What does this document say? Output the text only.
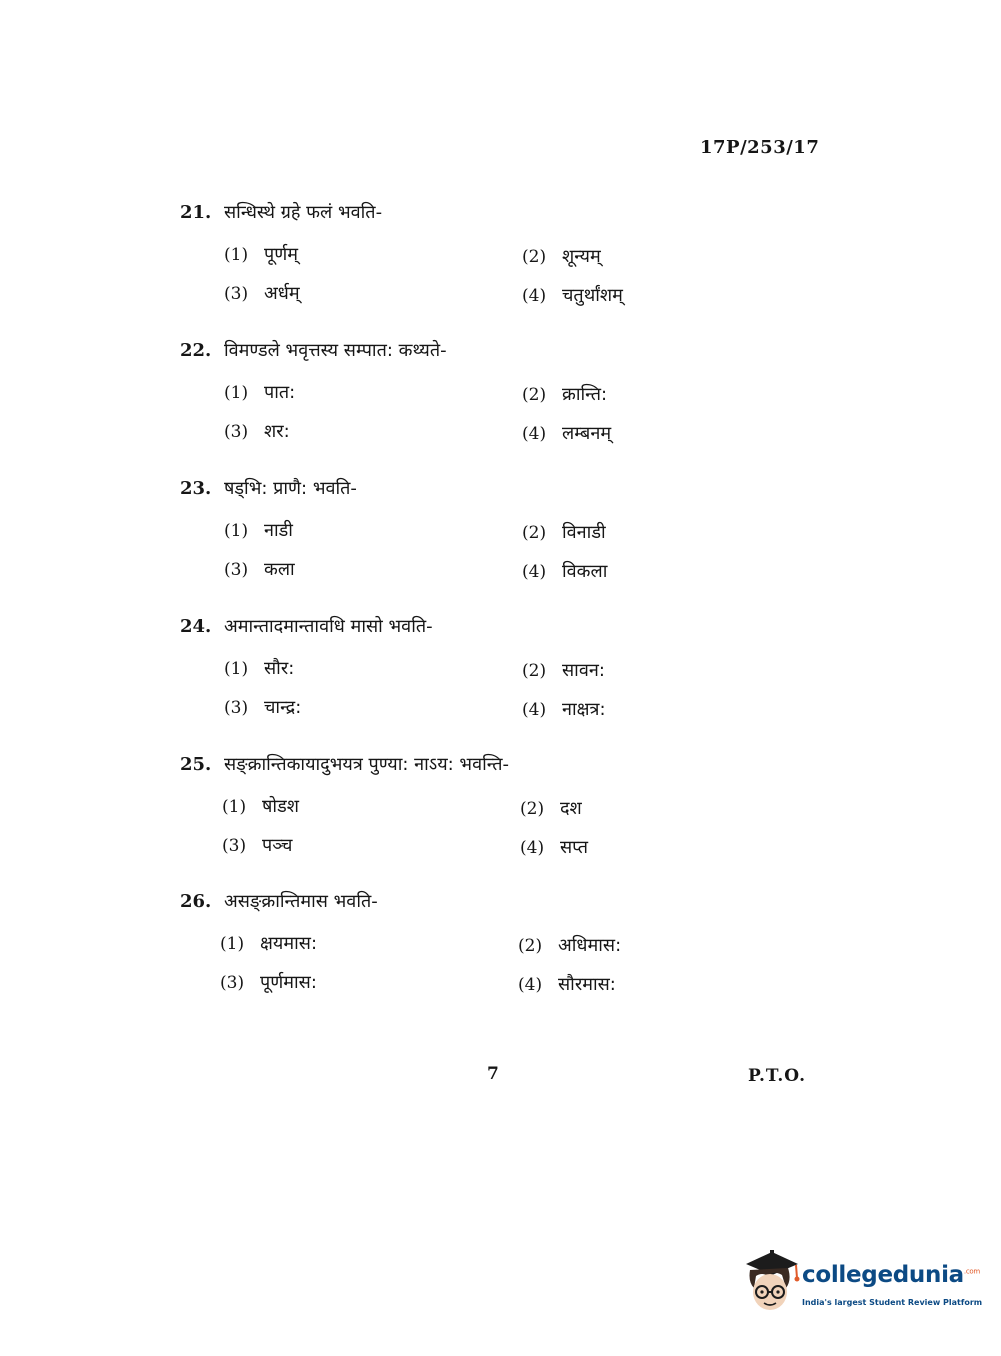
17P/253/17
21. सन्धिस्थे ग्रहे फलं भवति-
(1) पूर्णम्	(2) शून्यम्
(3) अर्धम्	(4) चतुर्थांशम्
22. विमण्डले भवृत्तस्य सम्पात: कथ्यते-
(1) पात:	(2) क्रान्ति:
(3) शर:	(4) लम्बनम्
23. षड्भि: प्राणै: भवति-
(1) नाडी	(2) विनाडी
(3) कला	(4) विकला
24. अमान्तादमान्तावधि मासो भवति-
(1) सौर:	(2) सावन:
(3) चान्द्र:	(4) नाक्षत्र:
25. सङ्क्रान्तिकायादुभयत्र पुण्या: नाऽय: भवन्ति-
(1) षोडश	(2) दश
(3) पञ्च	(4) सप्त
26. असङ्क्रान्तिमास भवति-
(1) क्षयमास:	(2) अधिमास:
(3) पूर्णमास:	(4) सौरमास:
7	P.T.O.
collegedunia$^{.com}$
India's largest Student Review Platform
